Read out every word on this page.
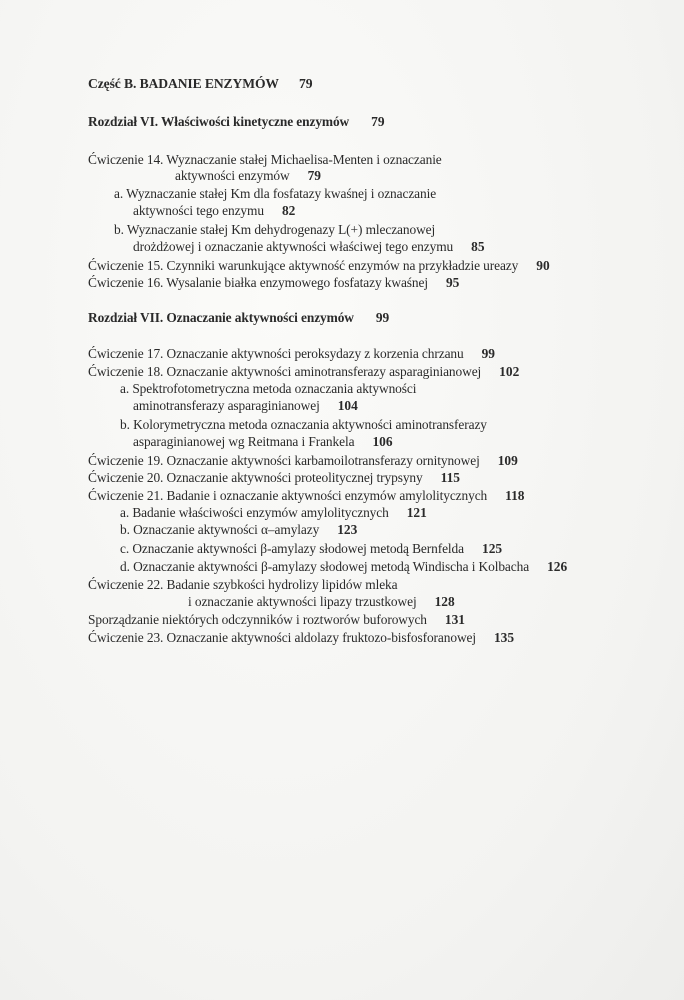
Część B. BADANIE ENZYMÓW 79
Rozdział VI. Właściwości kinetyczne enzymów 79
Ćwiczenie 14. Wyznaczanie stałej Michaelisa-Menten i oznaczanie
aktywności enzymów 79
a. Wyznaczanie stałej Km dla fosfatazy kwaśnej i oznaczanie
aktywności tego enzymu 82
b. Wyznaczanie stałej Km dehydrogenazy L(+) mleczanowej
drożdżowej i oznaczanie aktywności właściwej tego enzymu 85
Ćwiczenie 15. Czynniki warunkujące aktywność enzymów na przykładzie ureazy 90
Ćwiczenie 16. Wysalanie białka enzymowego fosfatazy kwaśnej 95
Rozdział VII. Oznaczanie aktywności enzymów 99
Ćwiczenie 17. Oznaczanie aktywności peroksydazy z korzenia chrzanu 99
Ćwiczenie 18. Oznaczanie aktywności aminotransferazy asparaginianowej 102
a. Spektrofotometryczna metoda oznaczania aktywności
aminotransferazy asparaginianowej 104
b. Kolorymetryczna metoda oznaczania aktywności aminotransferazy
asparaginianowej wg Reitmana i Frankela 106
Ćwiczenie 19. Oznaczanie aktywności karbamoilotransferazy ornitynowej 109
Ćwiczenie 20. Oznaczanie aktywności proteolitycznej trypsyny 115
Ćwiczenie 21. Badanie i oznaczanie aktywności enzymów amylolitycznych 118
a. Badanie właściwości enzymów amylolitycznych 121
b. Oznaczanie aktywności α–amylazy 123
c. Oznaczanie aktywności β-amylazy słodowej metodą Bernfelda 125
d. Oznaczanie aktywności β-amylazy słodowej metodą Windischa i Kolbacha 126
Ćwiczenie 22. Badanie szybkości hydrolizy lipidów mleka
i oznaczanie aktywności lipazy trzustkowej 128
Sporządzanie niektórych odczynników i roztworów buforowych 131
Ćwiczenie 23. Oznaczanie aktywności aldolazy fruktozo-bisfosforanowej 135
